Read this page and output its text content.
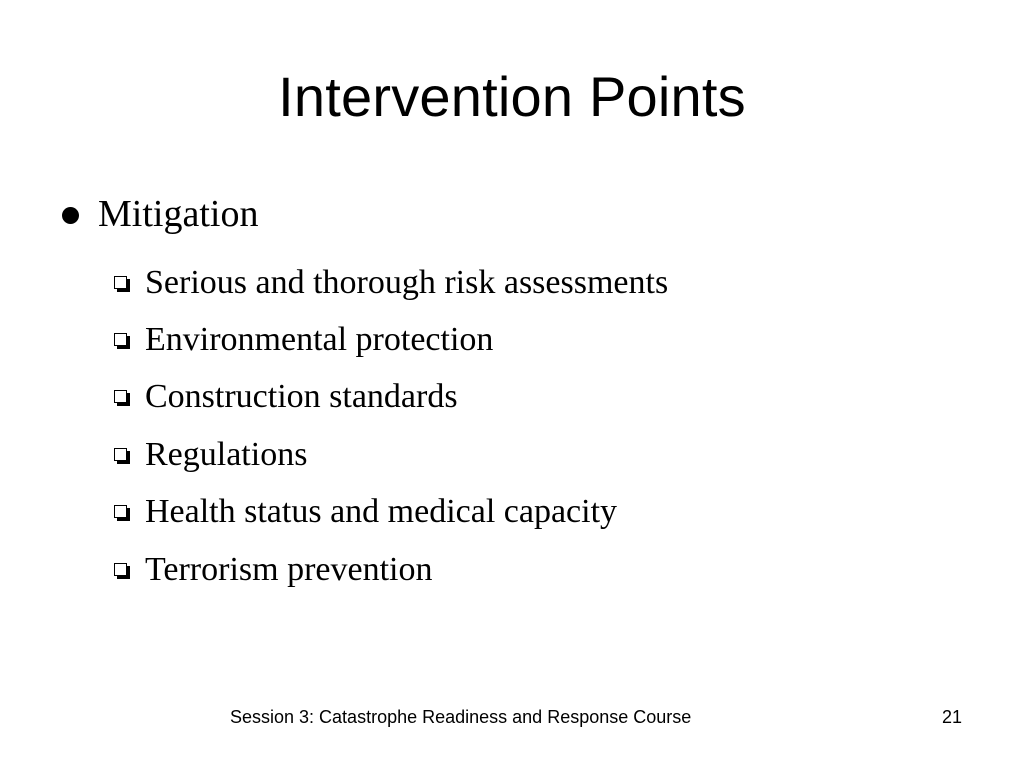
Intervention Points
Mitigation
Serious and thorough risk assessments
Environmental protection
Construction standards
Regulations
Health status and medical capacity
Terrorism prevention
Session 3: Catastrophe Readiness and Response Course	21
